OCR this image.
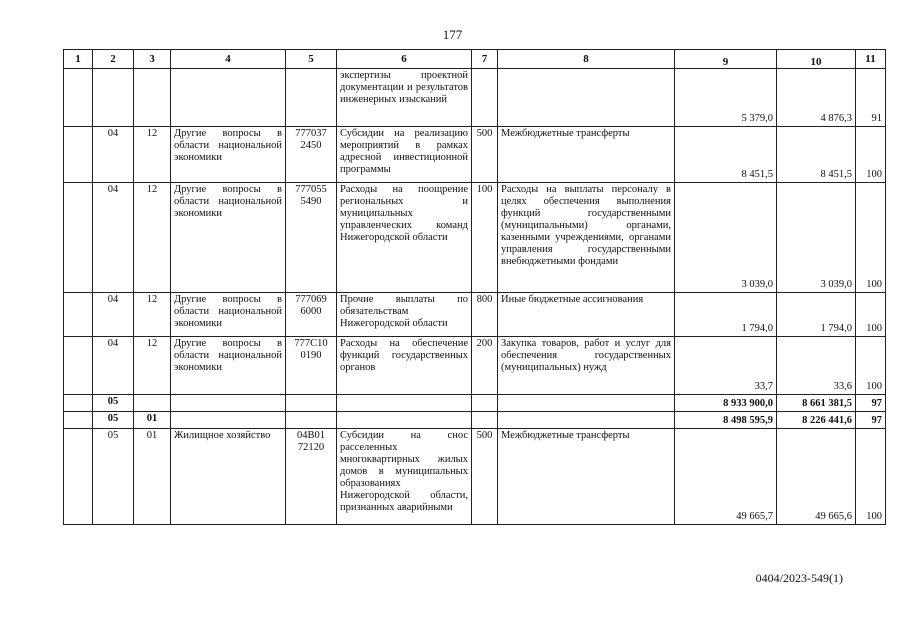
177
1	2	3	4	5	6	7	8	9	10	11
					экспертизы проектной документации и результатов инженерных изысканий			5 379,0	4 876,3	91
	04	12	Другие вопросы в области национальной экономики	777037 2450	Субсидии на реализацию мероприятий в рамках адресной инвестиционной программы	500	Межбюджетные трансферты	8 451,5	8 451,5	100
	04	12	Другие вопросы в области национальной экономики	777055 5490	Расходы на поощрение региональных и муниципальных управленческих команд Нижегородской области	100	Расходы на выплаты персоналу в целях обеспечения выполнения функций государственными (муниципальными) органами, казенными учреждениями, органами управления государственными внебюджетными фондами	3 039,0	3 039,0	100
	04	12	Другие вопросы в области национальной экономики	777069 6000	Прочие выплаты по обязательствам Нижегородской области	800	Иные бюджетные ассигнования	1 794,0	1 794,0	100
	04	12	Другие вопросы в области национальной экономики	777С10 0190	Расходы на обеспечение функций государственных органов	200	Закупка товаров, работ и услуг для обеспечения государственных (муниципальных) нужд	33,7	33,6	100
	05							8 933 900,0	8 661 381,5	97
	05	01						8 498 595,9	8 226 441,6	97
	05	01	Жилищное хозяйство	04В01 72120	Субсидии на снос расселенных многоквартирных жилых домов в муниципальных образованиях Нижегородской области, признанных аварийными	500	Межбюджетные трансферты	49 665,7	49 665,6	100
0404/2023-549(1)
